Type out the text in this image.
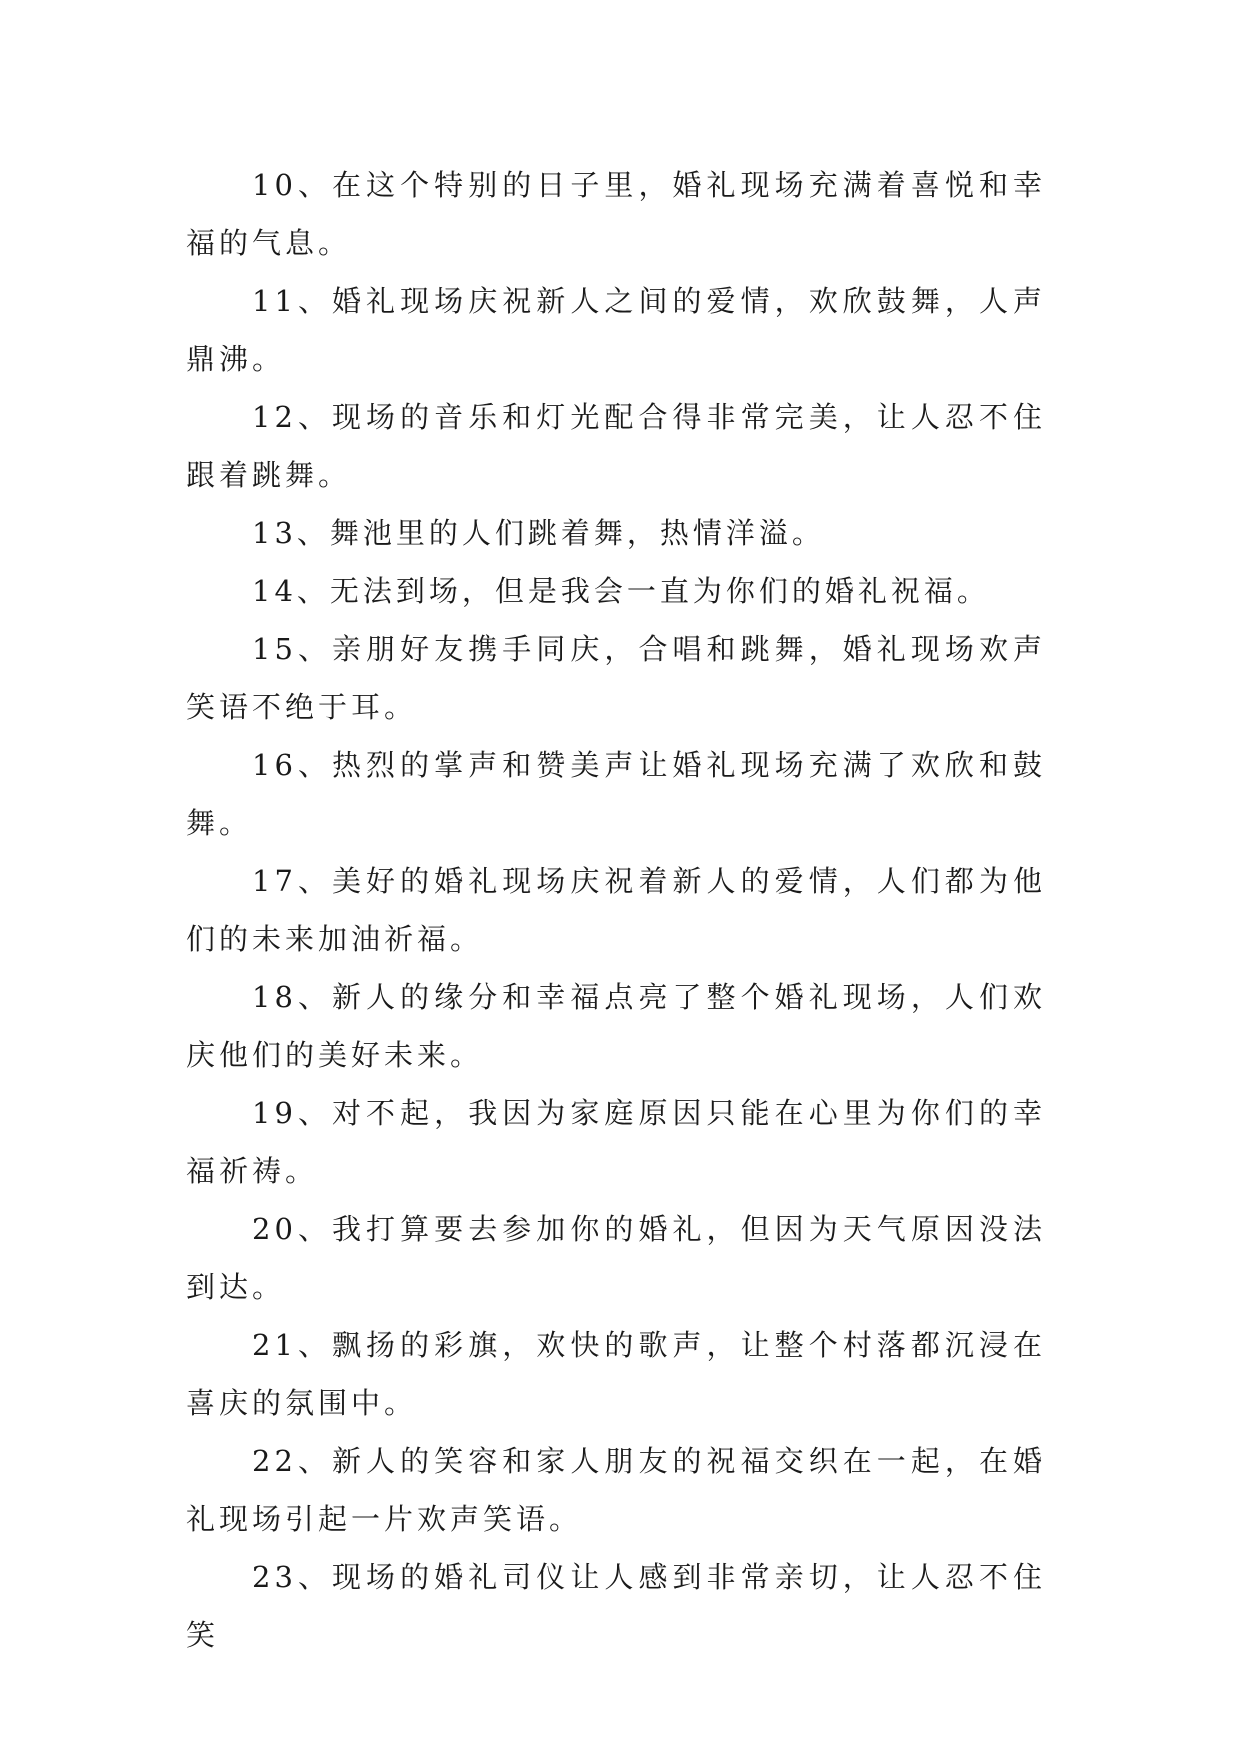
10、在这个特别的日子里，婚礼现场充满着喜悦和幸福的气息。

11、婚礼现场庆祝新人之间的爱情，欢欣鼓舞，人声鼎沸。

12、现场的音乐和灯光配合得非常完美，让人忍不住跟着跳舞。

13、舞池里的人们跳着舞，热情洋溢。

14、无法到场，但是我会一直为你们的婚礼祝福。

15、亲朋好友携手同庆，合唱和跳舞，婚礼现场欢声笑语不绝于耳。

16、热烈的掌声和赞美声让婚礼现场充满了欢欣和鼓舞。

17、美好的婚礼现场庆祝着新人的爱情，人们都为他们的未来加油祈福。

18、新人的缘分和幸福点亮了整个婚礼现场，人们欢庆他们的美好未来。

19、对不起，我因为家庭原因只能在心里为你们的幸福祈祷。

20、我打算要去参加你的婚礼，但因为天气原因没法到达。

21、飘扬的彩旗，欢快的歌声，让整个村落都沉浸在喜庆的氛围中。

22、新人的笑容和家人朋友的祝福交织在一起，在婚礼现场引起一片欢声笑语。

23、现场的婚礼司仪让人感到非常亲切，让人忍不住笑
